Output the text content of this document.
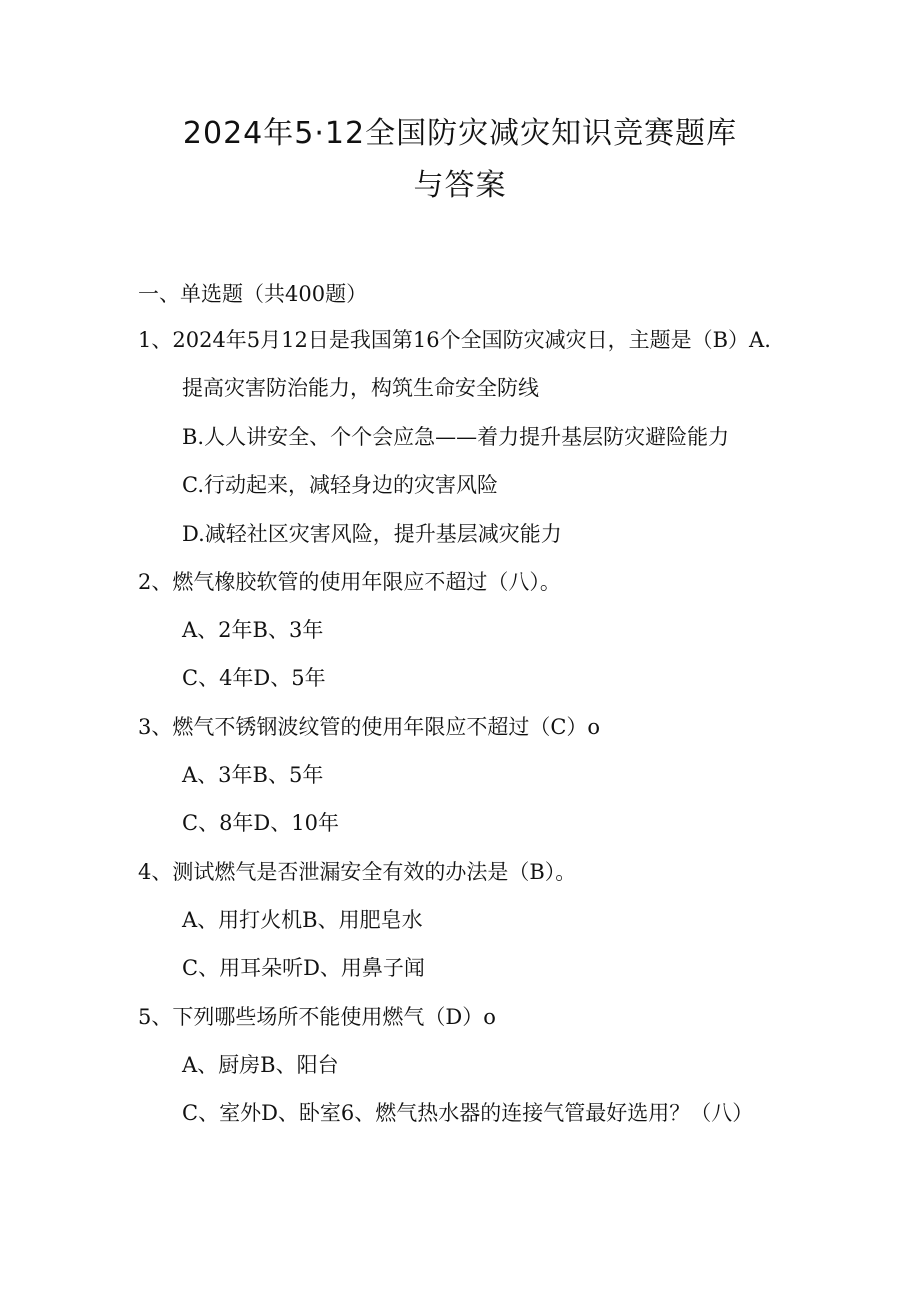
2024年5·12全国防灾减灾知识竞赛题库
与答案
一、单选题（共400题）
1、2024年5月12日是我国第16个全国防灾减灾日，主题是（B）A.
提高灾害防治能力，构筑生命安全防线
B.人人讲安全、个个会应急——着力提升基层防灾避险能力
C.行动起来，减轻身边的灾害风险
D.减轻社区灾害风险，提升基层减灾能力
2、燃气橡胶软管的使用年限应不超过（八）。
A、2年B、3年
C、4年D、5年
3、燃气不锈钢波纹管的使用年限应不超过（C）o
A、3年B、5年
C、8年D、10年
4、测试燃气是否泄漏安全有效的办法是（B）。
A、用打火机B、用肥皂水
C、用耳朵听D、用鼻子闻
5、下列哪些场所不能使用燃气（D）o
A、厨房B、阳台
C、室外D、卧室6、燃气热水器的连接气管最好选用？（八）
